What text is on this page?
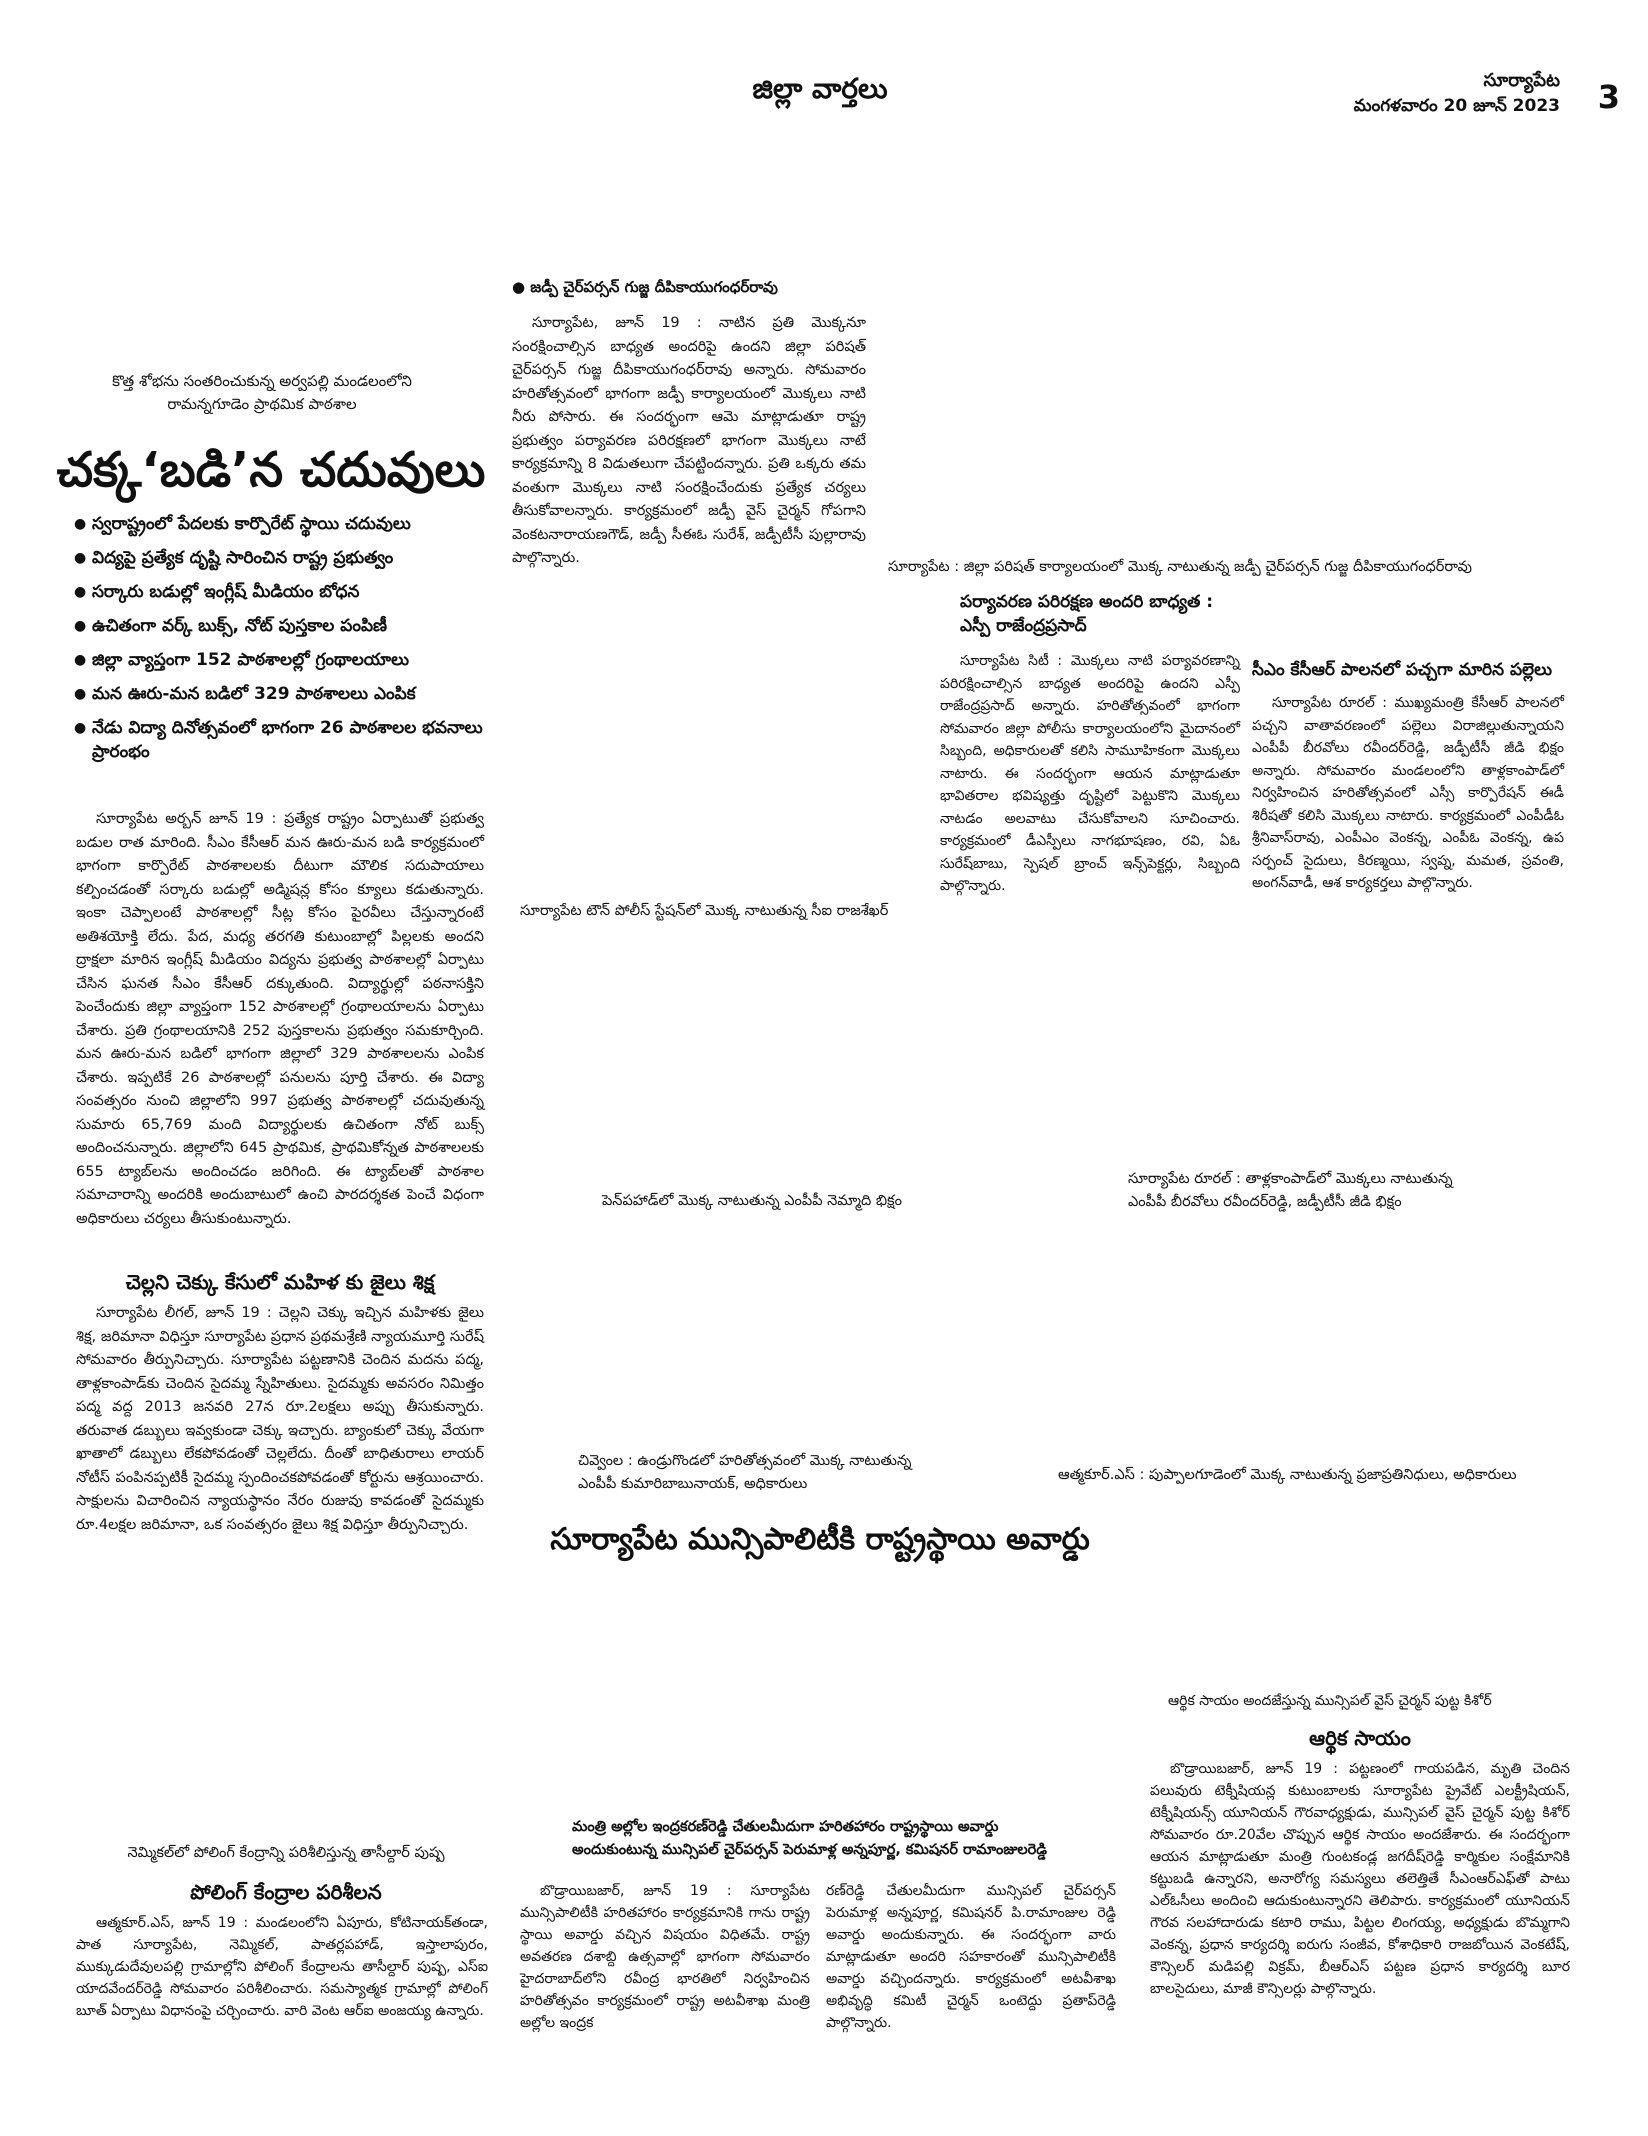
జిల్లా వార్తలు	సూర్యాపేట
మంగళవారం 20 జూన్ 2023 3
కొత్త శోభను సంతరించుకున్న అర్వపల్లి మండలంలోని
రామన్నగూడెం ప్రాథమిక పాఠశాల
చక్క‘బడి’న చదువులు
● స్వరాష్ట్రంలో పేదలకు కార్పొరేట్ స్థాయి చదువులు
● విద్యపై ప్రత్యేక దృష్టి సారించిన రాష్ట్ర ప్రభుత్వం
● సర్కారు బడుల్లో ఇంగ్లీష్ మీడియం బోధన
● ఉచితంగా వర్క్ బుక్స్, నోట్ పుస్తకాల పంపిణీ
● జిల్లా వ్యాప్తంగా 152 పాఠశాలల్లో గ్రంథాలయాలు
● మన ఊరు-మన బడిలో 329 పాఠశాలలు ఎంపిక
● నేడు విద్యా దినోత్సవంలో భాగంగా 26 పాఠశాలల భవనాలు ప్రారంభం

సూర్యాపేట అర్బన్ జూన్ 19 : ప్రత్యేక రాష్ట్రం ఏర్పాటుతో ప్రభుత్వ బడుల రాత మారింది. సీఎం కేసీఆర్ మన ఊరు-మన బడి కార్యక్రమంలో భాగంగా కార్పొరేట్ పాఠశాలలకు దీటుగా మౌలిక సదుపాయాలు కల్పించడంతో సర్కారు బడుల్లో అడ్మిషన్ల కోసం క్యూలు కడుతున్నారు. ఇంకా చెప్పాలంటే పాఠశాలల్లో సీట్ల కోసం పైరవీలు చేస్తున్నారంటే అతిశయోక్తి లేదు. పేద, మధ్య తరగతి కుటుంబాల్లో పిల్లలకు అందని ద్రాక్షలా మారిన ఇంగ్లీష్ మీడియం విద్యను ప్రభుత్వ పాఠశాలల్లో ఏర్పాటు చేసిన ఘనత సీఎం కేసీఆర్ దక్కుతుంది. విద్యార్థుల్లో పఠనాసక్తిని పెంచేందుకు జిల్లా వ్యాప్తంగా 152 పాఠశాలల్లో గ్రంథాలయాలను ఏర్పాటు చేశారు. ప్రతి గ్రంథాలయానికి 252 పుస్తకాలను ప్రభుత్వం సమకూర్చింది. మన ఊరు-మన బడిలో భాగంగా జిల్లాలో 329 పాఠశాలలను ఎంపిక చేశారు. ఇప్పటికే 26 పాఠశాలల్లో పనులను పూర్తి చేశారు. ఈ విద్యా సంవత్సరం నుంచి జిల్లాలోని 997 ప్రభుత్వ పాఠశాలల్లో చదువుతున్న సుమారు 65,769 మంది విద్యార్థులకు ఉచితంగా నోట్ బుక్స్ అందించనున్నారు. జిల్లాలోని 645 ప్రాథమిక, ప్రాథమికోన్నత పాఠశాలలకు 655 ట్యాబ్‌లను అందించడం జరిగింది. ఈ ట్యాబ్‌లతో పాఠశాల సమాచారాన్ని అందరికి అందుబాటులో ఉంచి పారదర్శకత పెంచే విధంగా అధికారులు చర్యలు తీసుకుంటున్నారు.

చెల్లని చెక్కు కేసులో మహిళ కు జైలు శిక్ష

సూర్యాపేట లీగల్, జూన్ 19 : చెల్లని చెక్కు ఇచ్చిన మహిళకు జైలు శిక్ష, జరిమానా విధిస్తూ సూర్యాపేట ప్రధాన ప్రథమశ్రేణి న్యాయమూర్తి సురేష్ సోమవారం తీర్పునిచ్చారు. సూర్యాపేట పట్టణానికి చెందిన మదను పద్మ, తాళ్లకాంపాడ్‌కు చెందిన సైదమ్మ స్నేహితులు. సైదమ్మకు అవసరం నిమిత్తం పద్మ వద్ద 2013 జనవరి 27న రూ.2లక్షలు అప్పు తీసుకున్నారు. తరువాత డబ్బులు ఇవ్వకుండా చెక్కు ఇచ్చారు. బ్యాంకులో చెక్కు వేయగా ఖాతాలో డబ్బులు లేకపోవడంతో చెల్లలేదు. దీంతో బాధితురాలు లాయర్ నోటీస్ పంపినప్పటికీ సైదమ్మ స్పందించకపోవడంతో కోర్టును ఆశ్రయించారు. సాక్షులను విచారించిన న్యాయస్థానం నేరం రుజువు కావడంతో సైదమ్మకు రూ.4లక్షల జరిమానా, ఒక సంవత్సరం జైలు శిక్ష విధిస్తూ తీర్పునిచ్చారు.

● జడ్పీ చైర్‌పర్సన్ గుజ్జ దీపికాయుగంధర్‌రావు

సూర్యాపేట, జూన్ 19 : నాటిన ప్రతి మొక్కనూ సంరక్షించాల్సిన బాధ్యత అందరిపై ఉందని జిల్లా పరిషత్ చైర్‌పర్సన్ గుజ్జ దీపికాయుగంధర్‌రావు అన్నారు. సోమవారం హరితోత్సవంలో భాగంగా జడ్పీ కార్యాలయంలో మొక్కలు నాటి నీరు పోసారు. ఈ సందర్భంగా ఆమె మాట్లాడుతూ రాష్ట్ర ప్రభుత్వం పర్యావరణ పరిరక్షణలో భాగంగా మొక్కలు నాటే కార్యక్రమాన్ని 8 విడుతలుగా చేపట్టిందన్నారు. ప్రతి ఒక్కరు తమ వంతుగా మొక్కలు నాటి సంరక్షించేందుకు ప్రత్యేక చర్యలు తీసుకోవాలన్నారు. కార్యక్రమంలో జడ్పీ వైస్ చైర్మన్ గోపగాని వెంకటనారాయణగౌడ్, జడ్పీ సీఈఓ సురేశ్, జడ్పీటీసీ పుల్లారావు పాల్గొన్నారు.

సూర్యాపేట : జిల్లా పరిషత్ కార్యాలయంలో మొక్క నాటుతున్న జడ్పీ చైర్‌పర్సన్ గుజ్జ దీపికాయుగంధర్‌రావు
పర్యావరణ పరిరక్షణ అందరి బాధ్యత : ఎస్పీ రాజేంద్రప్రసాద్

సూర్యాపేట సిటీ : మొక్కలు నాటి పర్యావరణాన్ని పరిరక్షించాల్సిన బాధ్యత అందరిపై ఉందని ఎస్పీ రాజేంద్రప్రసాద్ అన్నారు. హరితోత్సవంలో భాగంగా సోమవారం జిల్లా పోలీసు కార్యాలయంలోని మైదానంలో సిబ్బంది, అధికారులతో కలిసి సామూహికంగా మొక్కలు నాటారు. ఈ సందర్భంగా ఆయన మాట్లాడుతూ భావితరాల భవిష్యత్తు దృష్టిలో పెట్టుకొని మొక్కలు నాటడం అలవాటు చేసుకోవాలని సూచించారు. కార్యక్రమంలో డీఎస్పీలు నాగభూషణం, రవి, ఏఓ సురేష్‌బాబు, స్పెషల్ బ్రాంచ్ ఇన్స్‌పెక్టర్లు, సిబ్బంది పాల్గొన్నారు.

సూర్యాపేట టౌన్ పోలీస్ స్టేషన్‌లో మొక్క నాటుతున్న సీఐ రాజశేఖర్
సీఎం కేసీఆర్ పాలనలో పచ్చగా మారిన పల్లెలు

సూర్యాపేట రూరల్ : ముఖ్యమంత్రి కేసీఆర్ పాలనలో పచ్చని వాతావరణంలో పల్లెలు విరాజిల్లుతున్నాయని ఎంపీపీ బీరవోలు రవీందర్‌రెడ్డి, జడ్పీటీసీ జీడి భిక్షం అన్నారు. సోమవారం మండలంలోని తాళ్లకాంపాడ్‌లో నిర్వహించిన హరితోత్సవంలో ఎస్సీ కార్పొరేషన్ ఈడీ శిరీషతో కలిసి మొక్కలు నాటారు. కార్యక్రమంలో ఎంపీడీఓ శ్రీనివాస్‌రావు, ఎంపీఎం వెంకన్న, ఎంపీఓ వెంకన్న, ఉప సర్పంచ్ సైదులు, కిరణ్మయి, స్వప్న, మమత, స్రవంతి, అంగన్‌వాడీ, ఆశ కార్యకర్తలు పాల్గొన్నారు.

పెన్‌పహాడ్‌లో మొక్క నాటుతున్న ఎంపీపీ నెమ్మాది భిక్షం
సూర్యాపేట రూరల్ : తాళ్లకాంపాడ్‌లో మొక్కలు నాటుతున్న
ఎంపీపీ బీరవోలు రవీందర్‌రెడ్డి, జడ్పీటీసీ జీడి భిక్షం
చివ్వెంల : ఉండ్రుగొండలో హరితోత్సవంలో మొక్క నాటుతున్న
ఎంపీపీ కుమారిబాబునాయక్, అధికారులు
ఆత్మకూర్.ఎస్ : పుప్పాలగూడెంలో మొక్క నాటుతున్న ప్రజాప్రతినిధులు, అధికారులు
సూర్యాపేట మున్సిపాలిటీకి రాష్ట్రస్థాయి అవార్డు
మంత్రి అల్లోల ఇంద్రకరణ్‌రెడ్డి చేతులమీదుగా హరితహారం రాష్ట్రస్థాయి అవార్డు
అందుకుంటున్న మున్సిపల్ చైర్‌పర్సన్ పెరుమాళ్ల అన్నపూర్ణ, కమిషనర్ రామాంజులరెడ్డి

బొడ్రాయిబజార్, జూన్ 19 : సూర్యాపేట మున్సిపాలిటీకి హరితహారం కార్యక్రమానికి గాను రాష్ట్ర స్థాయి అవార్డు వచ్చిన విషయం విధితమే. రాష్ట్ర అవతరణ దశాబ్ది ఉత్సవాల్లో భాగంగా సోమవారం హైదరాబాద్‌లోని రవీంద్ర భారతిలో నిర్వహించిన హరితోత్సవం కార్యక్రమంలో రాష్ట్ర అటవీశాఖ మంత్రి అల్లోల ఇంద్రక

రణ్‌రెడ్డి చేతులమీదుగా మున్సిపల్ చైర్‌పర్సన్ పెరుమాళ్ల అన్నపూర్ణ, కమిషనర్ పి.రామాంజుల రెడ్డి అవార్డు అందుకున్నారు. ఈ సందర్భంగా వారు మాట్లాడుతూ అందరి సహకారంతో మున్సిపాలిటీకి అవార్డు వచ్చిందన్నారు. కార్యక్రమంలో అటవీశాఖ అభివృద్ధి కమిటీ చైర్మన్ ఒంటెద్దు ప్రతాప్‌రెడ్డి పాల్గొన్నారు.

నెమ్మికల్‌లో పోలింగ్ కేంద్రాన్ని పరిశీలిస్తున్న తాసీల్దార్ పుష్ప
పోలింగ్ కేంద్రాల పరిశీలన

ఆత్మకూర్.ఎస్, జూన్ 19 : మండలంలోని ఏపూరు, కోటినాయక్‌తండా, పాత సూర్యాపేట, నెమ్మికల్, పాతర్లపహాడ్, ఇస్తాలాపురం, ముక్కుడుదేవులపల్లి గ్రామాల్లోని పోలింగ్ కేంద్రాలను తాసీల్దార్ పుష్ప, ఎస్ఐ యాదవేందర్‌రెడ్డి సోమవారం పరిశీలించారు. సమస్యాత్మక గ్రామాల్లో పోలింగ్ బూత్ ఏర్పాటు విధానంపై చర్చించారు. వారి వెంట ఆర్ఐ అంజయ్య ఉన్నారు.

ఆర్థిక సాయం అందజేస్తున్న మున్సిపల్ వైస్ చైర్మన్ పుట్ట కిశోర్
ఆర్థిక సాయం

బొడ్రాయిబజార్, జూన్ 19 : పట్టణంలో గాయపడిన, మృతి చెందిన పలువురు టెక్నీషియన్ల కుటుంబాలకు సూర్యాపేట ప్రైవేట్ ఎలక్ట్రీషియన్, టెక్నీషియన్స్ యూనియన్ గౌరవాధ్యక్షుడు, మున్సిపల్ వైస్ చైర్మన్ పుట్ట కిశోర్ సోమవారం రూ.20వేల చొప్పున ఆర్థిక సాయం అందజేశారు. ఈ సందర్భంగా ఆయన మాట్లాడుతూ మంత్రి గుంటకండ్ల జగదీష్‌రెడ్డి కార్మికుల సంక్షేమానికి కట్టుబడి ఉన్నారని, అనారోగ్య సమస్యలు తలెత్తితే సీఎంఆర్ఎఫ్‌తో పాటు ఎల్ఓసీలు అందించి ఆదుకుంటున్నారని తెలిపారు. కార్యక్రమంలో యూనియన్ గౌరవ సలహాదారుడు కటారి రాము, పిట్టల లింగయ్య, అధ్యక్షుడు బొమ్మగాని వెంకన్న, ప్రధాన కార్యదర్శి ఐరుగు సంజీవ, కోశాధికారి రాజబోయిన వెంకటేష్, కౌన్సిలర్ మడిపల్లి విక్రమ్, బీఆర్ఎస్ పట్టణ ప్రధాన కార్యదర్శి బూర బాలసైదులు, మాజీ కౌన్సిలర్లు పాల్గొన్నారు.
